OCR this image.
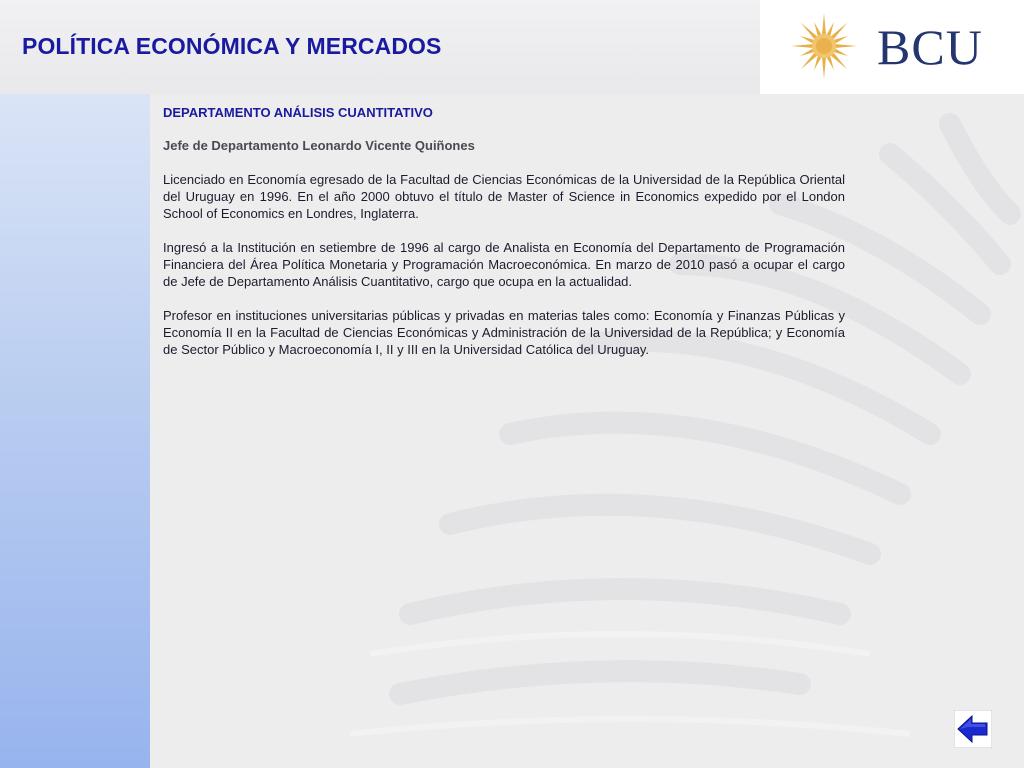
POLÍTICA ECONÓMICA Y MERCADOS	BCU

DEPARTAMENTO ANÁLISIS CUANTITATIVO

Jefe de Departamento Leonardo Vicente Quiñones

Licenciado en Economía egresado de la Facultad de Ciencias Económicas de la Universidad de la República Oriental del Uruguay en 1996. En el año 2000 obtuvo el título de Master of Science in Economics expedido por el London School of Economics en Londres, Inglaterra.

Ingresó a la Institución en setiembre de 1996 al cargo de Analista en Economía del Departamento de Programación Financiera del Área Política Monetaria y Programación Macroeconómica. En marzo de 2010 pasó a ocupar el cargo de Jefe de Departamento Análisis Cuantitativo, cargo que ocupa en la actualidad.

Profesor en instituciones universitarias públicas y privadas en materias tales como: Economía y Finanzas Públicas y Economía II en la Facultad de Ciencias Económicas y Administración de la Universidad de la República; y Economía de Sector Público y Macroeconomía I, II y III en la Universidad Católica del Uruguay.
